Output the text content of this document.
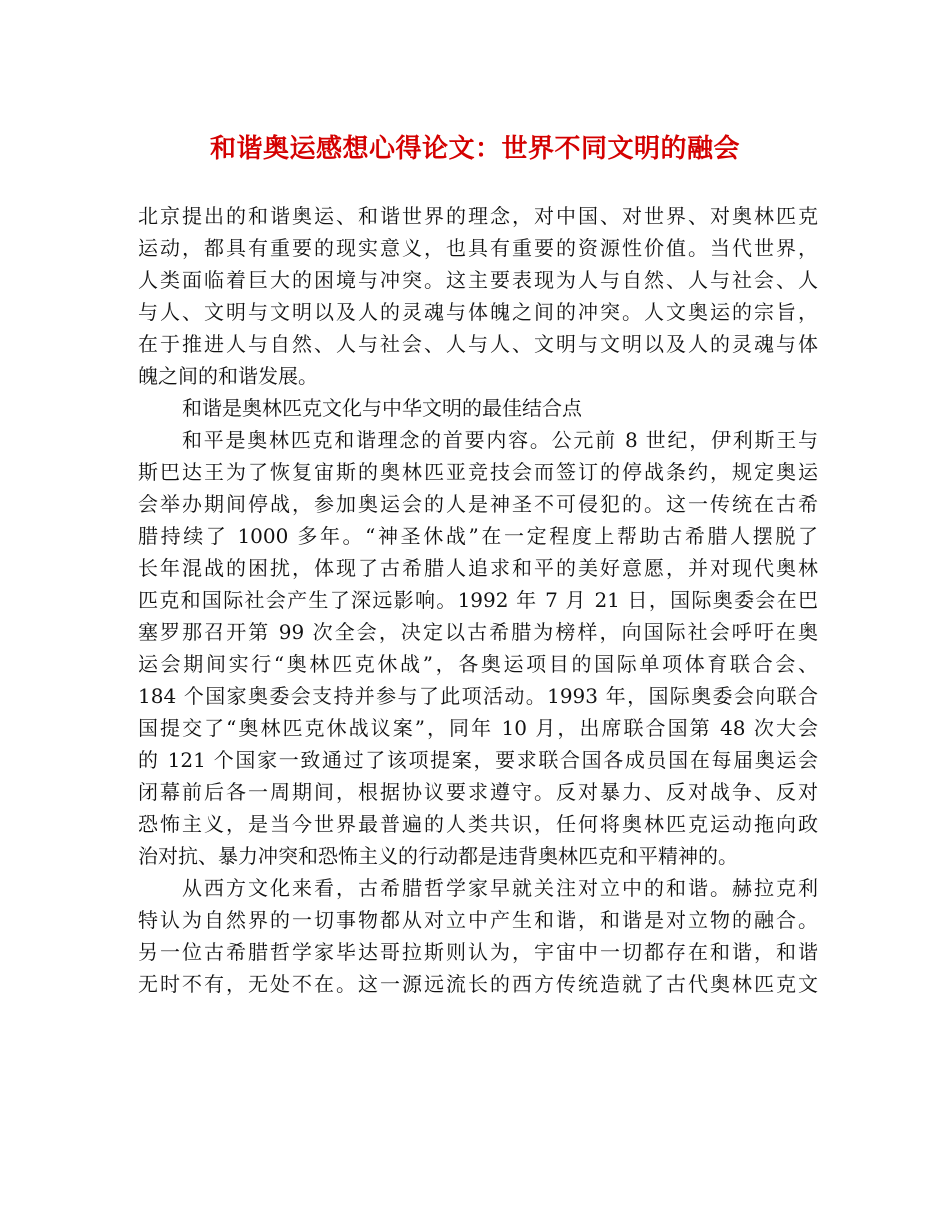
和谐奥运感想心得论文：世界不同文明的融会
北京提出的和谐奥运、和谐世界的理念，对中国、对世界、对奥林匹克
运动，都具有重要的现实意义，也具有重要的资源性价值。当代世界，
人类面临着巨大的困境与冲突。这主要表现为人与自然、人与社会、人
与人、文明与文明以及人的灵魂与体魄之间的冲突。人文奥运的宗旨，
在于推进人与自然、人与社会、人与人、文明与文明以及人的灵魂与体
魄之间的和谐发展。
和谐是奥林匹克文化与中华文明的最佳结合点
和平是奥林匹克和谐理念的首要内容。公元前 8 世纪，伊利斯王与
斯巴达王为了恢复宙斯的奥林匹亚竞技会而签订的停战条约，规定奥运
会举办期间停战，参加奥运会的人是神圣不可侵犯的。这一传统在古希
腊持续了 1000 多年。“神圣休战”在一定程度上帮助古希腊人摆脱了
长年混战的困扰，体现了古希腊人追求和平的美好意愿，并对现代奥林
匹克和国际社会产生了深远影响。1992 年 7 月 21 日，国际奥委会在巴
塞罗那召开第 99 次全会，决定以古希腊为榜样，向国际社会呼吁在奥
运会期间实行“奥林匹克休战”，各奥运项目的国际单项体育联合会、
184 个国家奥委会支持并参与了此项活动。1993 年，国际奥委会向联合
国提交了“奥林匹克休战议案”，同年 10 月，出席联合国第 48 次大会
的 121 个国家一致通过了该项提案，要求联合国各成员国在每届奥运会
闭幕前后各一周期间，根据协议要求遵守。反对暴力、反对战争、反对
恐怖主义，是当今世界最普遍的人类共识，任何将奥林匹克运动拖向政
治对抗、暴力冲突和恐怖主义的行动都是违背奥林匹克和平精神的。
从西方文化来看，古希腊哲学家早就关注对立中的和谐。赫拉克利
特认为自然界的一切事物都从对立中产生和谐，和谐是对立物的融合。
另一位古希腊哲学家毕达哥拉斯则认为，宇宙中一切都存在和谐，和谐
无时不有，无处不在。这一源远流长的西方传统造就了古代奥林匹克文
